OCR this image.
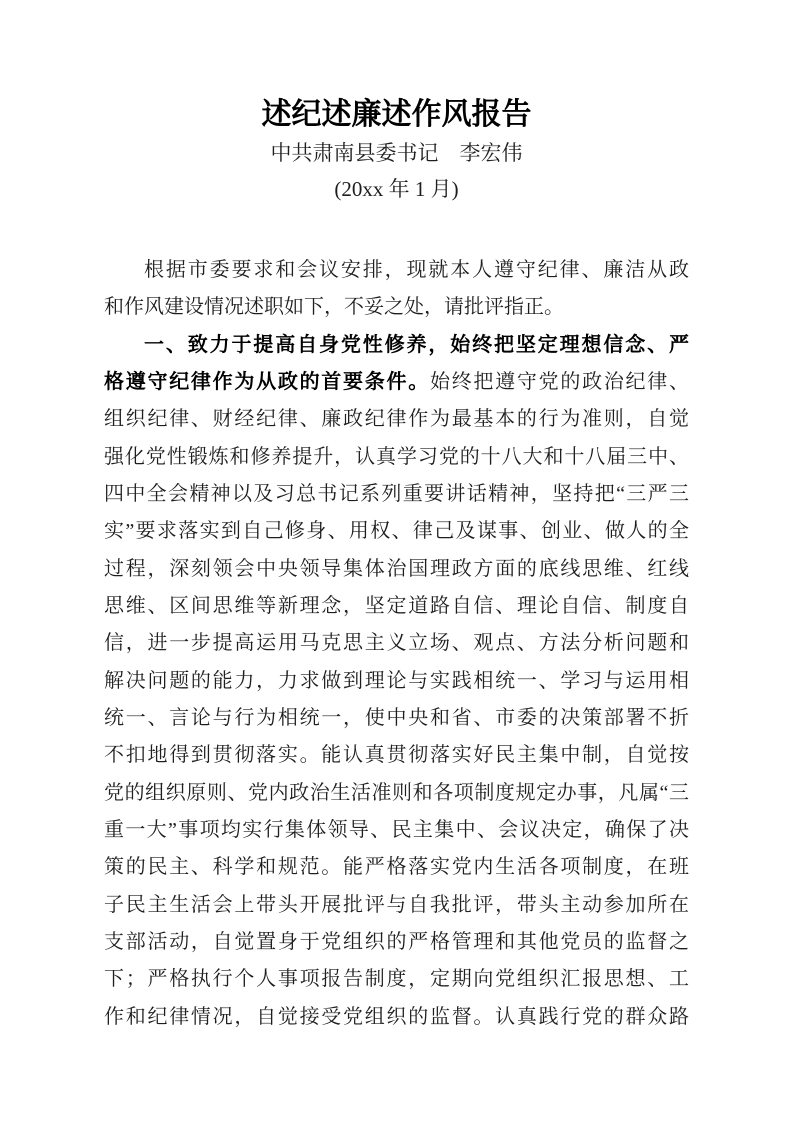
述纪述廉述作风报告
中共肃南县委书记　李宏伟
(20xx 年 1 月)
根据市委要求和会议安排，现就本人遵守纪律、廉洁从政
和作风建设情况述职如下，不妥之处，请批评指正。
一、致力于提高自身党性修养，始终把坚定理想信念、严
格遵守纪律作为从政的首要条件。始终把遵守党的政治纪律、
组织纪律、财经纪律、廉政纪律作为最基本的行为准则，自觉
强化党性锻炼和修养提升，认真学习党的十八大和十八届三中、
四中全会精神以及习总书记系列重要讲话精神，坚持把“三严三
实”要求落实到自己修身、用权、律己及谋事、创业、做人的全
过程，深刻领会中央领导集体治国理政方面的底线思维、红线
思维、区间思维等新理念，坚定道路自信、理论自信、制度自
信，进一步提高运用马克思主义立场、观点、方法分析问题和
解决问题的能力，力求做到理论与实践相统一、学习与运用相
统一、言论与行为相统一，使中央和省、市委的决策部署不折
不扣地得到贯彻落实。能认真贯彻落实好民主集中制，自觉按
党的组织原则、党内政治生活准则和各项制度规定办事，凡属“三
重一大”事项均实行集体领导、民主集中、会议决定，确保了决
策的民主、科学和规范。能严格落实党内生活各项制度，在班
子民主生活会上带头开展批评与自我批评，带头主动参加所在
支部活动，自觉置身于党组织的严格管理和其他党员的监督之
下；严格执行个人事项报告制度，定期向党组织汇报思想、工
作和纪律情况，自觉接受党组织的监督。认真践行党的群众路
